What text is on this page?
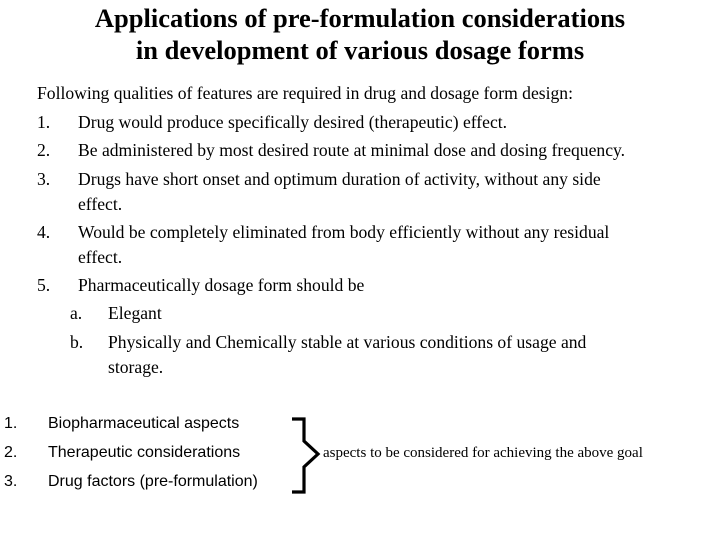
Applications of pre-formulation considerations
in development of various dosage forms
Following qualities of features are required in drug and dosage form design:
1. Drug would produce specifically desired (therapeutic) effect.
2. Be administered by most desired route at minimal dose and dosing frequency.
3. Drugs have short onset and optimum duration of activity, without any side
effect.
4. Would be completely eliminated from body efficiently without any residual
effect.
5. Pharmaceutically dosage form should be
a. Elegant
b. Physically and Chemically stable at various conditions of usage and
storage.
1. Biopharmaceutical aspects
2. Therapeutic considerations
3. Drug factors (pre-formulation)
aspects to be considered for achieving the above goal
